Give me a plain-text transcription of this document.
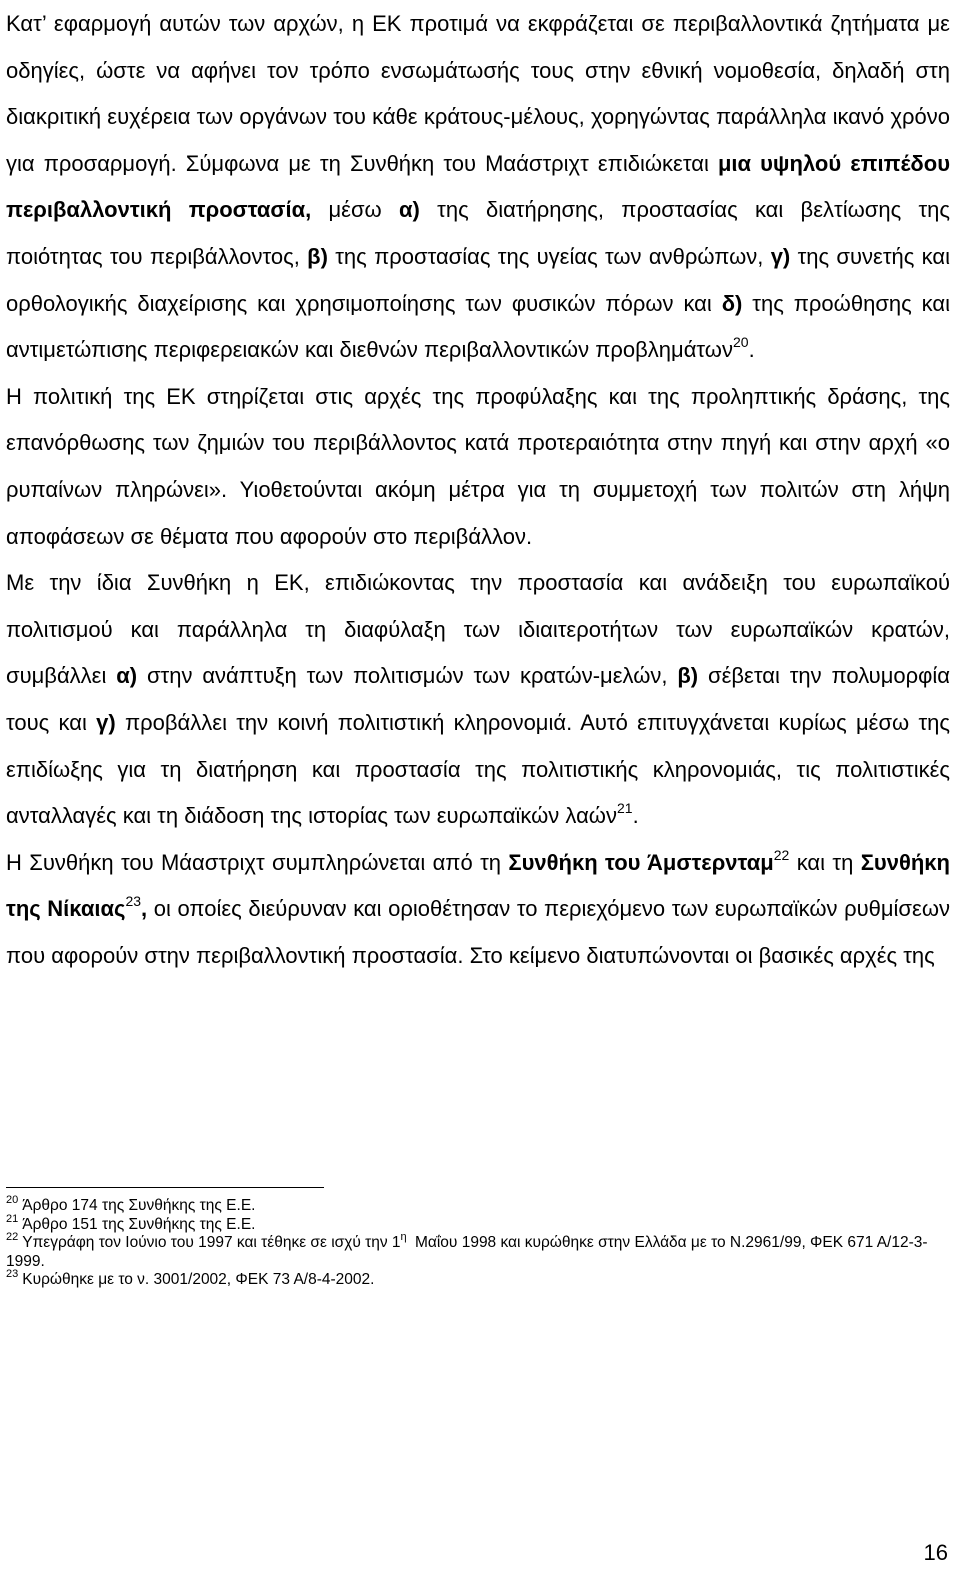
Κατ’ εφαρμογή αυτών των αρχών, η ΕΚ προτιμά να εκφράζεται σε περιβαλλοντικά ζητήματα με οδηγίες, ώστε να αφήνει τον τρόπο ενσωμάτωσής τους στην εθνική νομοθεσία, δηλαδή στη διακριτική ευχέρεια των οργάνων του κάθε κράτους-μέλους, χορηγώντας παράλληλα ικανό χρόνο για προσαρμογή. Σύμφωνα με τη Συνθήκη του Μαάστριχτ επιδιώκεται μια υψηλού επιπέδου περιβαλλοντική προστασία, μέσω α) της διατήρησης, προστασίας και βελτίωσης της ποιότητας του περιβάλλοντος, β) της προστασίας της υγείας των ανθρώπων, γ) της συνετής και ορθολογικής διαχείρισης και χρησιμοποίησης των φυσικών πόρων και δ) της προώθησης και αντιμετώπισης περιφερειακών και διεθνών περιβαλλοντικών προβλημάτων$^{20}$.

Η πολιτική της ΕΚ στηρίζεται στις αρχές της προφύλαξης και της προληπτικής δράσης, της επανόρθωσης των ζημιών του περιβάλλοντος κατά προτεραιότητα στην πηγή και στην αρχή «ο ρυπαίνων πληρώνει». Υιοθετούνται ακόμη μέτρα για τη συμμετοχή των πολιτών στη λήψη αποφάσεων σε θέματα που αφορούν στο περιβάλλον.

Με την ίδια Συνθήκη η ΕΚ, επιδιώκοντας την προστασία και ανάδειξη του ευρωπαϊκού πολιτισμού και παράλληλα τη διαφύλαξη των ιδιαιτεροτήτων των ευρωπαϊκών κρατών, συμβάλλει α) στην ανάπτυξη των πολιτισμών των κρατών-μελών, β) σέβεται την πολυμορφία τους και γ) προβάλλει την κοινή πολιτιστική κληρονομιά. Αυτό επιτυγχάνεται κυρίως μέσω της επιδίωξης για τη διατήρηση και προστασία της πολιτιστικής κληρονομιάς, τις πολιτιστικές ανταλλαγές και τη διάδοση της ιστορίας των ευρωπαϊκών λαών$^{21}$.

Η Συνθήκη του Μάαστριχτ συμπληρώνεται από τη Συνθήκη του Άμστερνταμ$^{22}$ και τη Συνθήκη της Νίκαιας$^{23}$, οι οποίες διεύρυναν και οριοθέτησαν το περιεχόμενο των ευρωπαϊκών ρυθμίσεων που αφορούν στην περιβαλλοντική προστασία. Στο κείμενο διατυπώνονται οι βασικές αρχές της

$^{20}$ Άρθρο 174 της Συνθήκης της Ε.Ε.

$^{21}$ Άρθρο 151 της Συνθήκης της Ε.Ε.

$^{22}$ Υπεγράφη τον Ιούνιο του 1997 και τέθηκε σε ισχύ την $1^\eta$ Μαΐου 1998 και κυρώθηκε στην Ελλάδα με το Ν.2961/99, ΦΕΚ 671 Α/12-3-1999.

$^{23}$ Κυρώθηκε με το ν. 3001/2002, ΦΕΚ 73 Α/8-4-2002.

16
